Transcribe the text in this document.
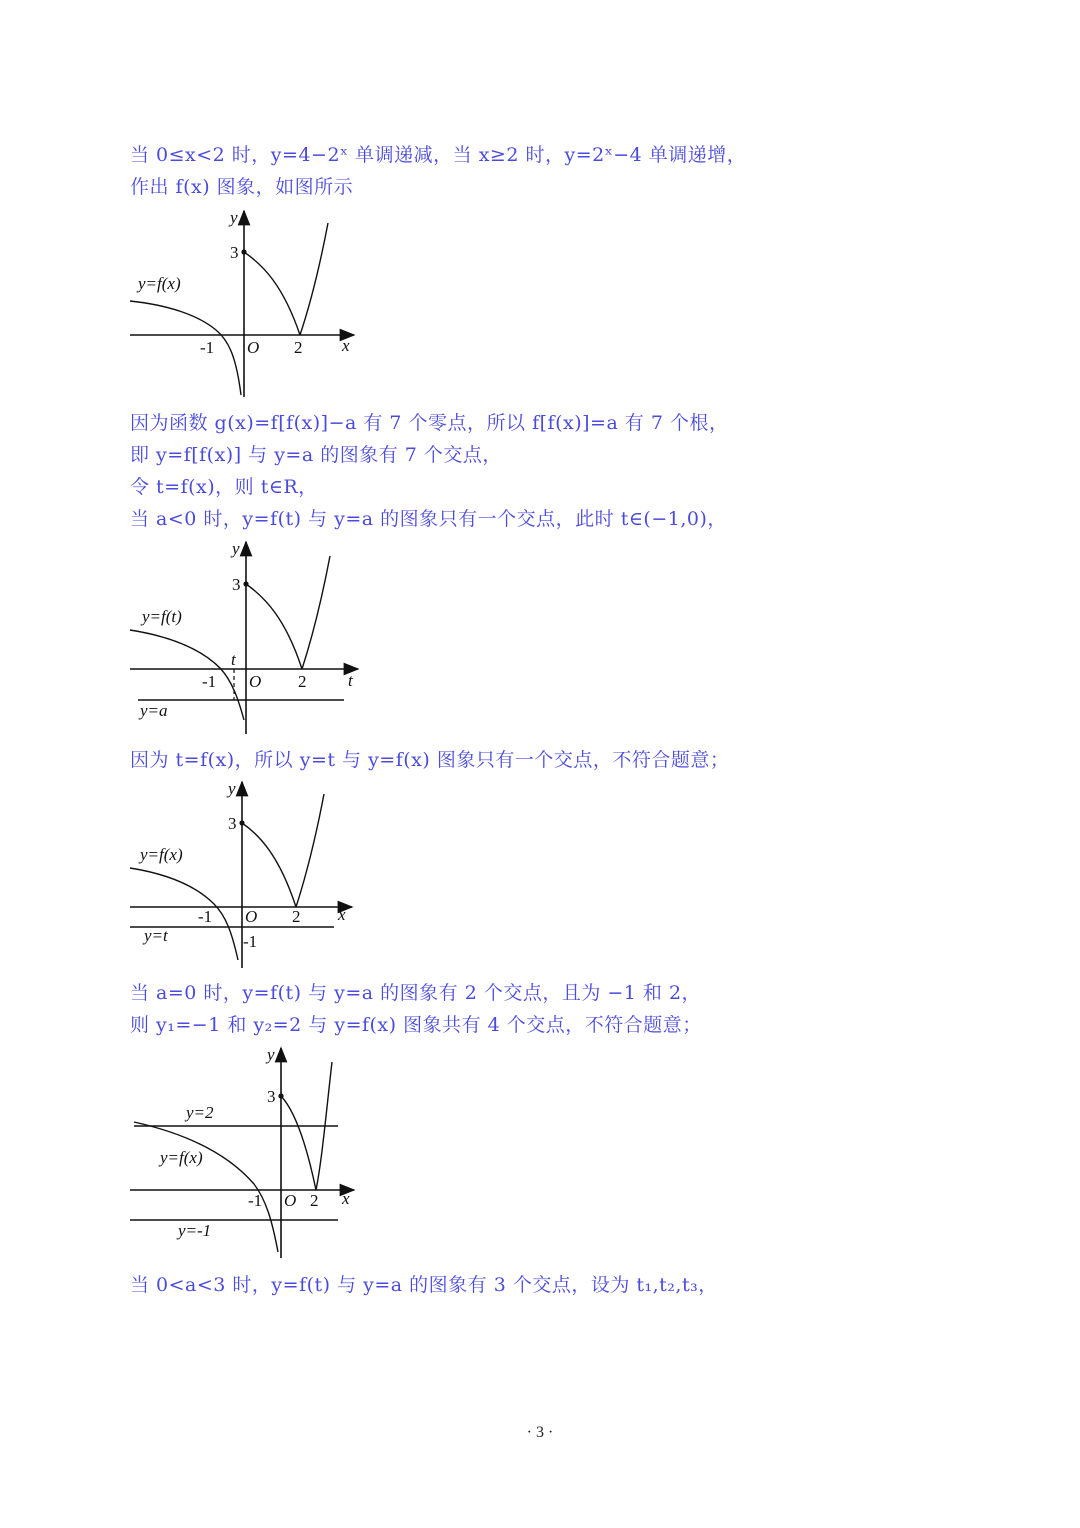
当 0≤x<2 时，y=4−2ˣ 单调递减，当 x≥2 时，y=2ˣ−4 单调递增，
作出 f(x) 图象，如图所示
y
3
y=f(x)
-1 O 2 x
因为函数 g(x)=f[f(x)]−a 有 7 个零点，所以 f[f(x)]=a 有 7 个根，
即 y=f[f(x)] 与 y=a 的图象有 7 个交点，
令 t=f(x)，则 t∈R，
当 a<0 时，y=f(t) 与 y=a 的图象只有一个交点，此时 t∈(−1,0)，
y
3
y=f(t)
t
-1 O 2 t
y=a
因为 t=f(x)，所以 y=t 与 y=f(x) 图象只有一个交点，不符合题意；
y
3
y=f(x)
-1 O 2 x
y=t	-1
当 a=0 时，y=f(t) 与 y=a 的图象有 2 个交点，且为 −1 和 2，
则 y₁=−1 和 y₂=2 与 y=f(x) 图象共有 4 个交点，不符合题意；
y
3
y=2
y=f(x)
-1 O 2 x
y=-1
当 0<a<3 时，y=f(t) 与 y=a 的图象有 3 个交点，设为 t₁,t₂,t₃，
· 3 ·
